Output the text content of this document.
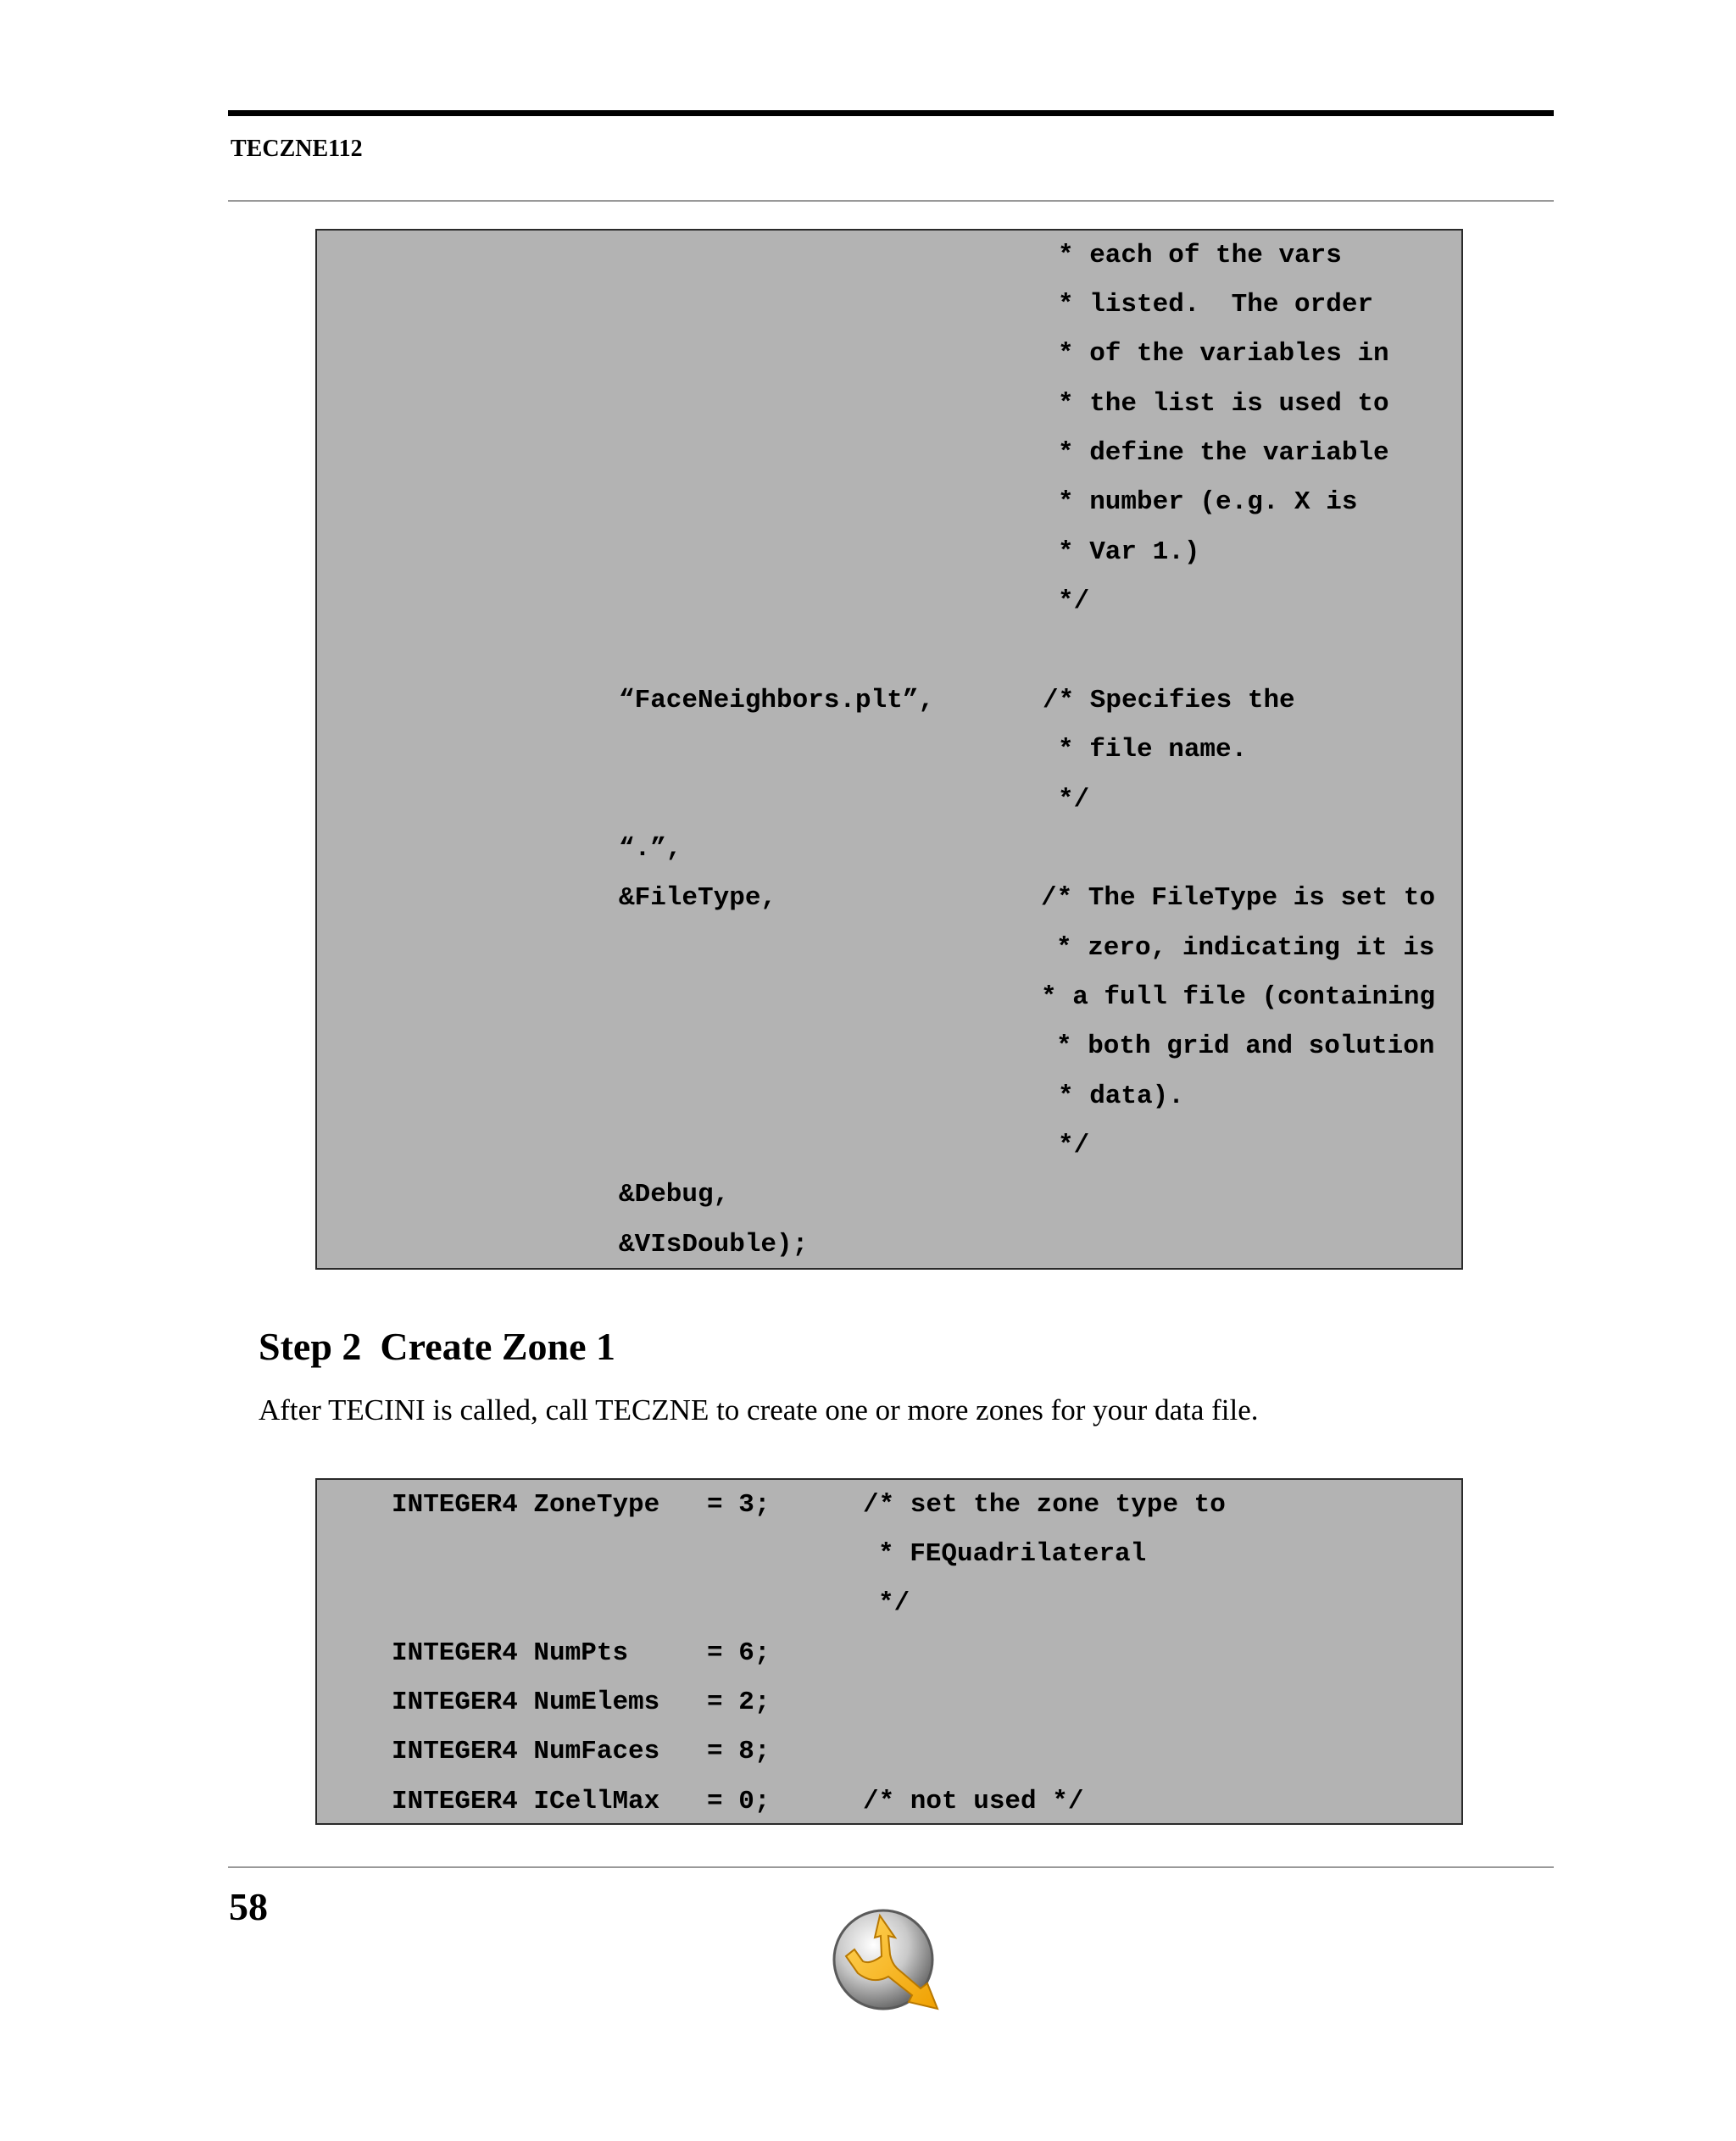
TECZNE112
* each of the vars
* listed.  The order
* of the variables in
* the list is used to
* define the variable
* number (e.g. X is
* Var 1.)
*/
“FaceNeighbors.plt”,	/* Specifies the
* file name.
*/
“.”,
&FileType,	/* The FileType is set to
* zero, indicating it is
* a full file (containing
* both grid and solution
* data).
*/
&Debug,
&VIsDouble);
Step 2 Create Zone 1
After TECINI is called, call TECZNE to create one or more zones for your data file.
INTEGER4 ZoneType   = 3;	/* set the zone type to
* FEQuadrilateral
*/
INTEGER4 NumPts     = 6;
INTEGER4 NumElems   = 2;
INTEGER4 NumFaces   = 8;
INTEGER4 ICellMax   = 0;	/* not used */
58
